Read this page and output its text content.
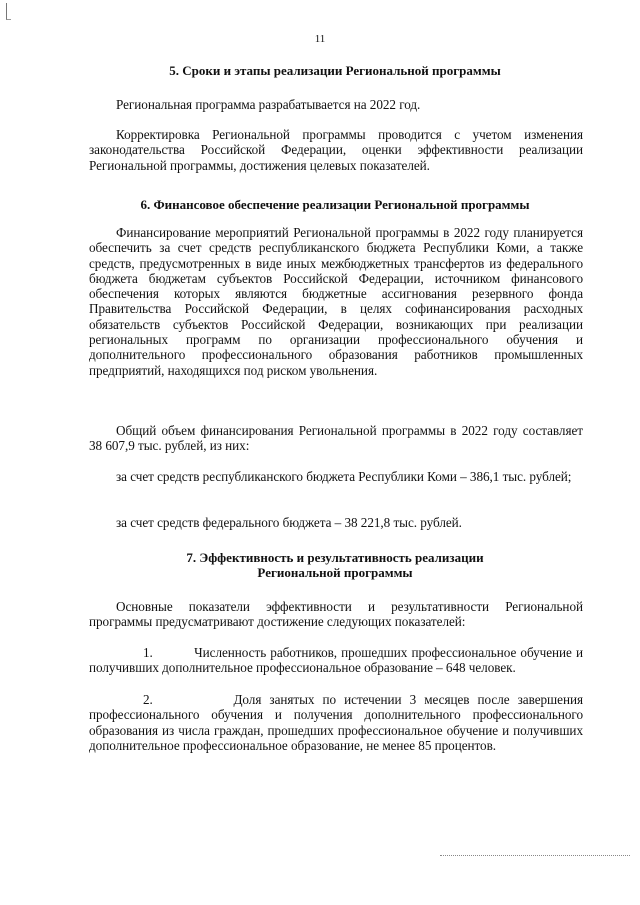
11
5. Сроки и этапы реализации Региональной программы

Региональная программа разрабатывается на 2022 год.

Корректировка Региональной программы проводится с учетом изменения законодательства Российской Федерации, оценки эффективности реализации Региональной программы, достижения целевых показателей.

6. Финансовое обеспечение реализации Региональной программы

Финансирование мероприятий Региональной программы в 2022 году планируется обеспечить за счет средств республиканского бюджета Республики Коми, а также средств, предусмотренных в виде иных межбюджетных трансфертов из федерального бюджета бюджетам субъектов Российской Федерации, источником финансового обеспечения которых являются бюджетные ассигнования резервного фонда Правительства Российской Федерации, в целях софинансирования расходных обязательств субъектов Российской Федерации, возникающих при реализации региональных программ по организации профессионального обучения и дополнительного профессионального образования работников промышленных предприятий, находящихся под риском увольнения.

Общий объем финансирования Региональной программы в 2022 году составляет 38 607,9 тыс. рублей, из них:

за счет средств республиканского бюджета Республики Коми – 386,1 тыс. рублей;

за счет средств федерального бюджета – 38 221,8 тыс. рублей.

7. Эффективность и результативность реализации
Региональной программы

Основные показатели эффективности и результативности Региональной программы предусматривают достижение следующих показателей:

1.	Численность работников, прошедших профессиональное обучение и получивших дополнительное профессиональное образование – 648 человек.

2.	Доля занятых по истечении 3 месяцев после завершения профессионального обучения и получения дополнительного профессионального образования из числа граждан, прошедших профессиональное обучение и получивших дополнительное профессиональное образование, не менее 85 процентов.
